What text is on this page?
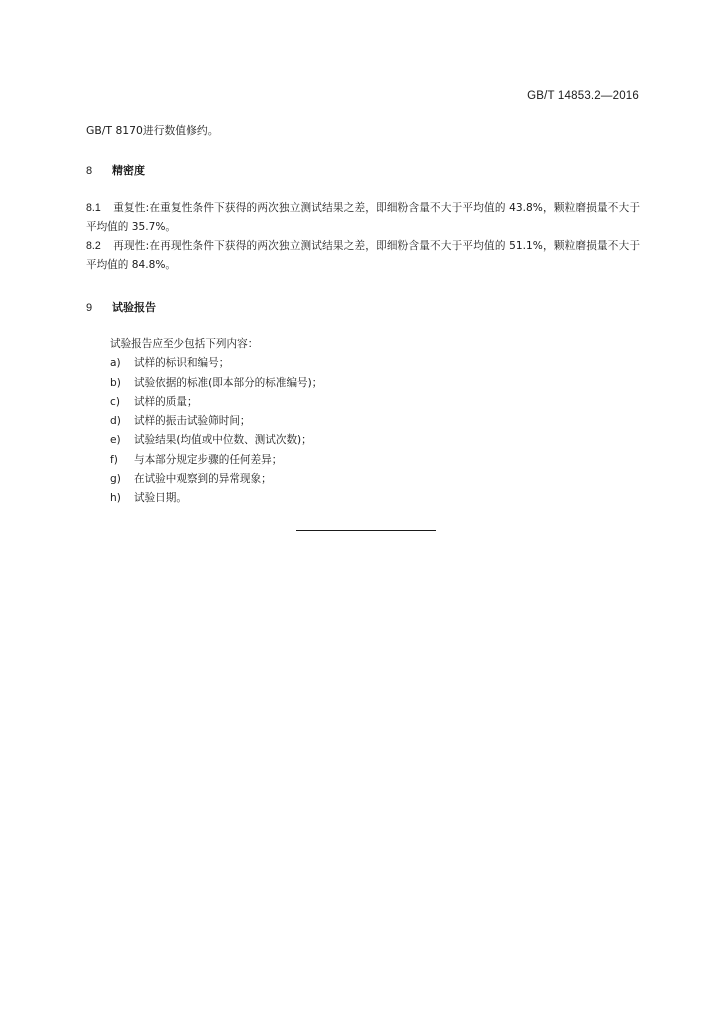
GB/T 14853.2—2016

GB/T 8170进行数值修约。

8 精密度

8.1 重复性:在重复性条件下获得的两次独立测试结果之差，即细粉含量不大于平均值的 43.8%，颗粒磨损量不大于平均值的 35.7%。

8.2 再现性:在再现性条件下获得的两次独立测试结果之差，即细粉含量不大于平均值的 51.1%，颗粒磨损量不大于平均值的 84.8%。

9 试验报告

试验报告应至少包括下列内容：

a) 试样的标识和编号；

b) 试验依据的标准(即本部分的标准编号)；

c) 试样的质量；

d) 试样的振击试验筛时间；

e) 试验结果(均值或中位数、测试次数)；

f) 与本部分规定步骤的任何差异；

g) 在试验中观察到的异常现象；

h) 试验日期。
